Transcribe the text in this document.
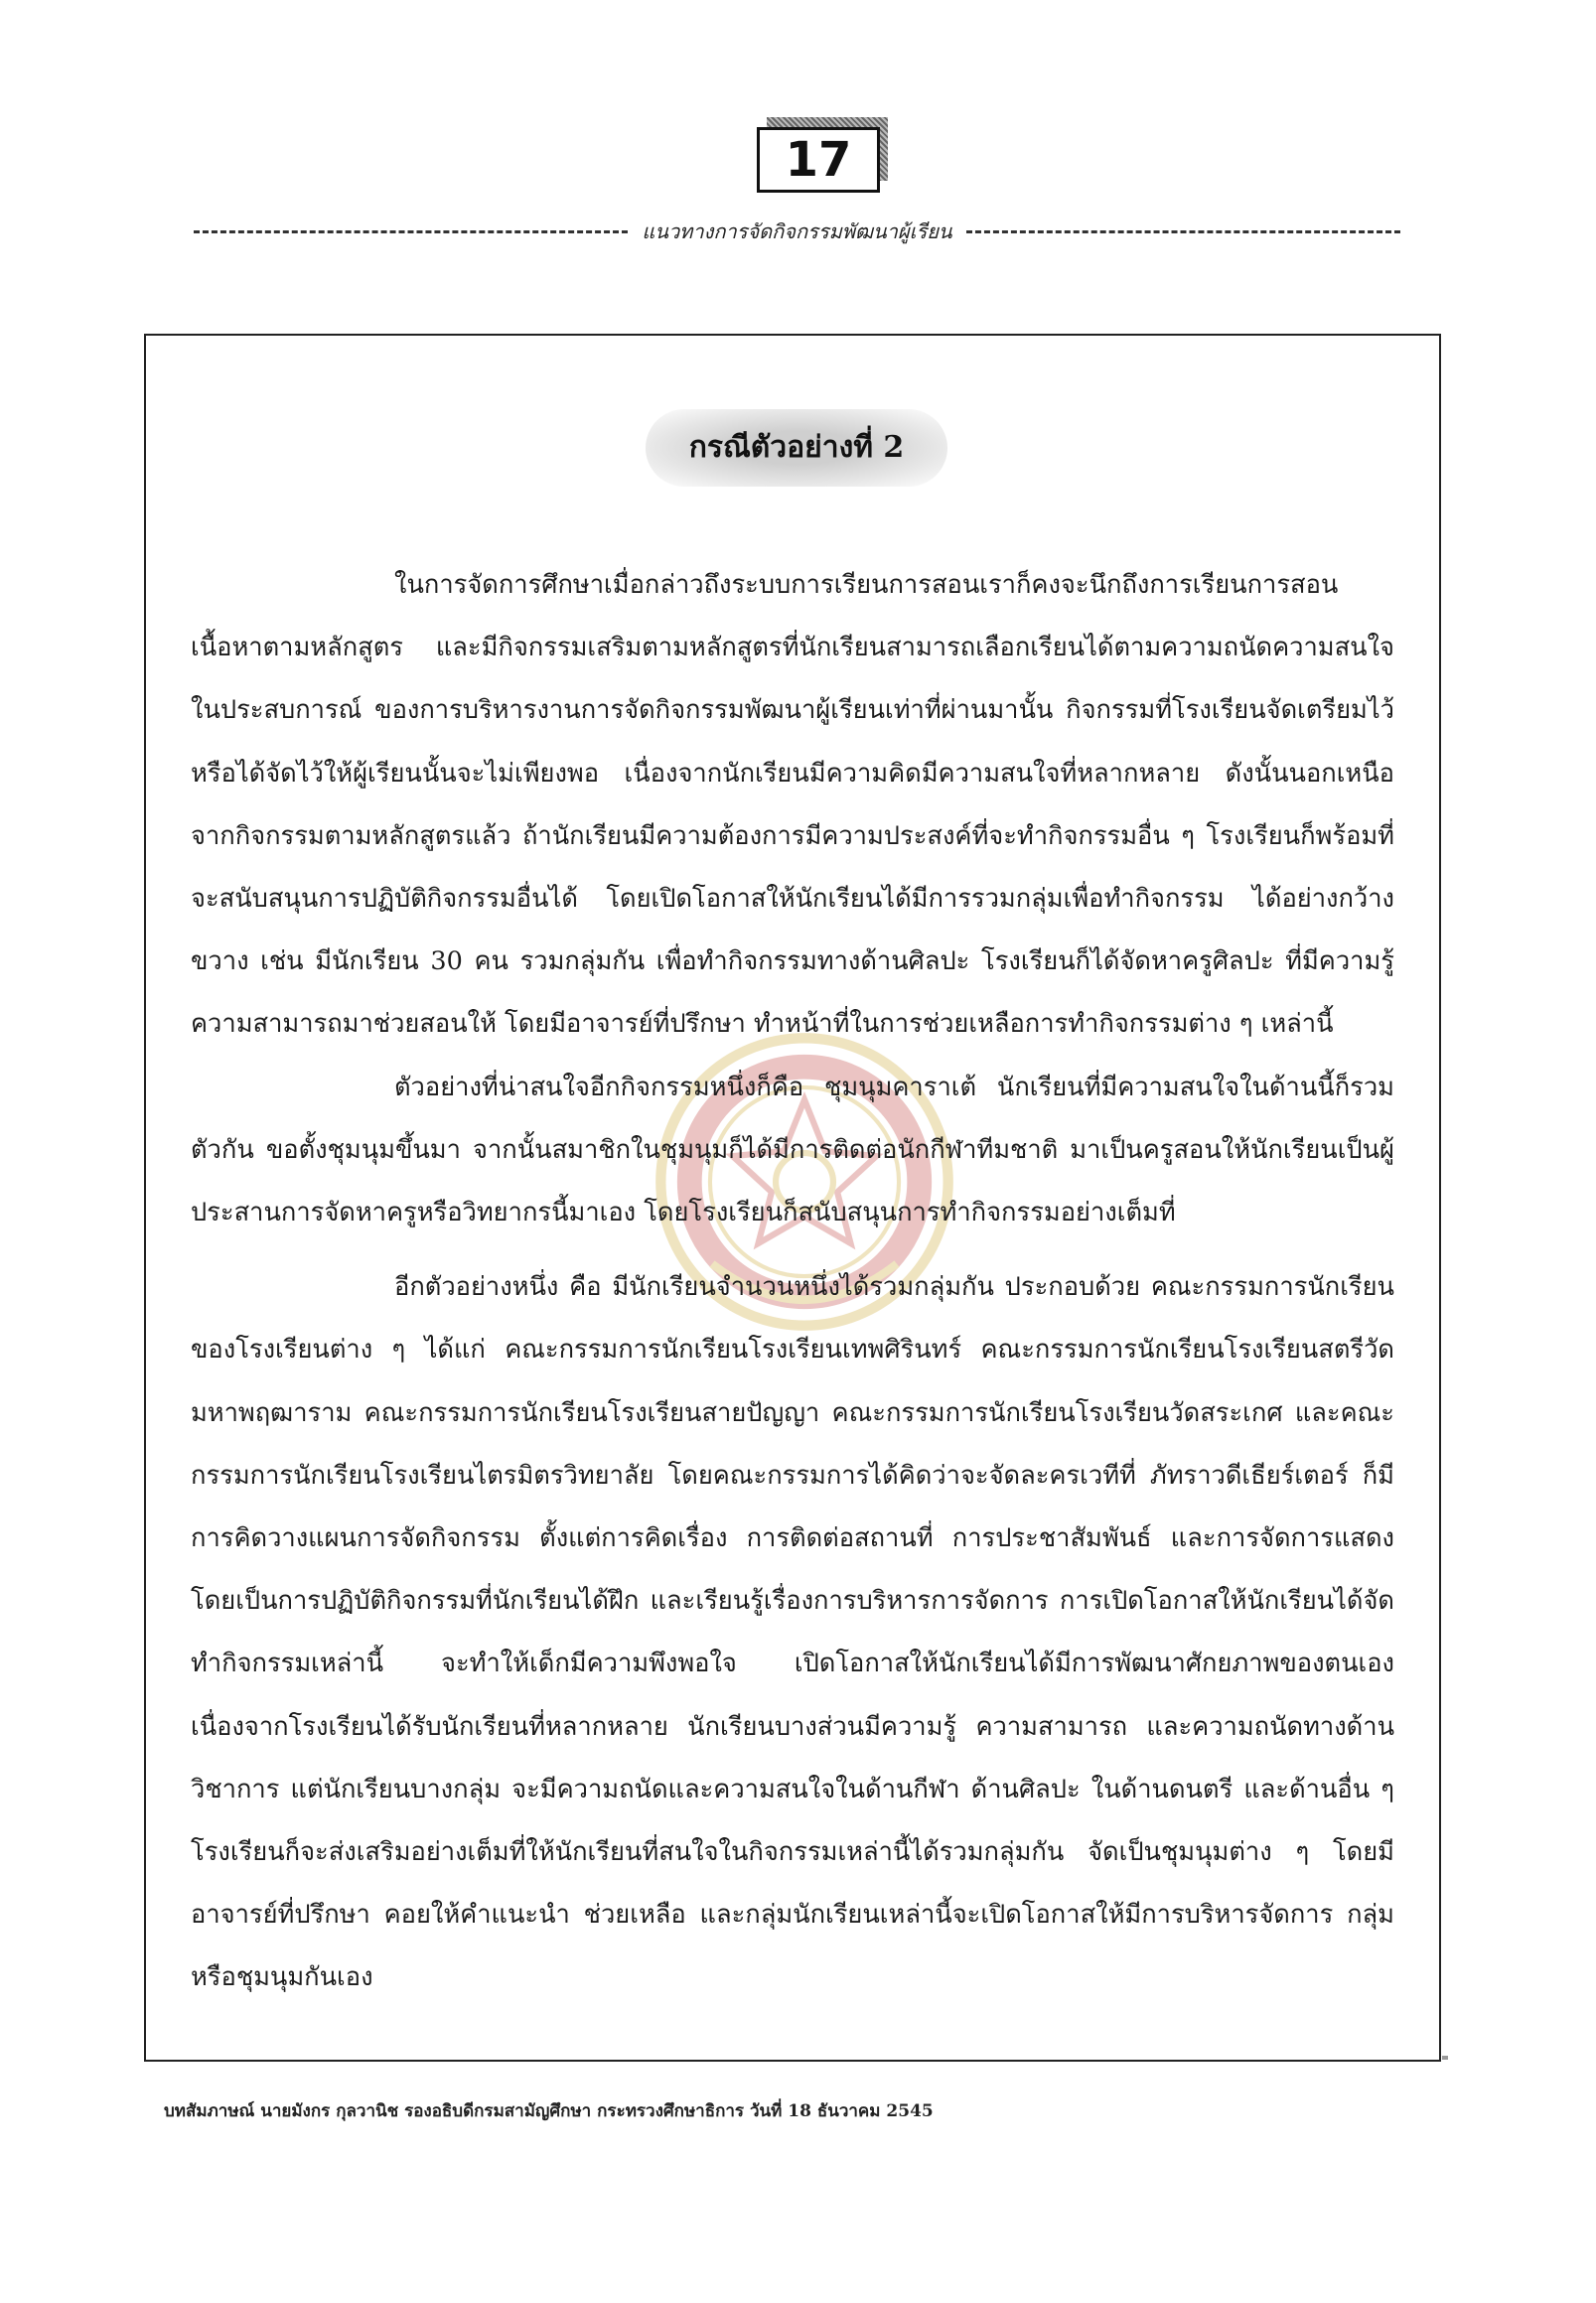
17
แนวทางการจัดกิจกรรมพัฒนาผู้เรียน
กรณีตัวอย่างที่ 2

ในการจัดการศึกษาเมื่อกล่าวถึงระบบการเรียนการสอนเราก็คงจะนึกถึงการเรียนการสอนเนื้อหาตามหลักสูตร และมีกิจกรรมเสริมตามหลักสูตรที่นักเรียนสามารถเลือกเรียนได้ตามความถนัดความสนใจ ในประสบการณ์ ของการบริหารงานการจัดกิจกรรมพัฒนาผู้เรียนเท่าที่ผ่านมานั้น กิจกรรมที่โรงเรียนจัดเตรียมไว้ หรือได้จัดไว้ให้ผู้เรียนนั้นจะไม่เพียงพอ เนื่องจากนักเรียนมีความคิดมีความสนใจที่หลากหลาย ดังนั้นนอกเหนือจากกิจกรรมตามหลักสูตรแล้ว ถ้านักเรียนมีความต้องการมีความประสงค์ที่จะทำกิจกรรมอื่น ๆ โรงเรียนก็พร้อมที่จะสนับสนุนการปฏิบัติกิจกรรมอื่นได้ โดยเปิดโอกาสให้นักเรียนได้มีการรวมกลุ่มเพื่อทำกิจกรรม ได้อย่างกว้างขวาง เช่น มีนักเรียน 30 คน รวมกลุ่มกัน เพื่อทำกิจกรรมทางด้านศิลปะ โรงเรียนก็ได้จัดหาครูศิลปะ ที่มีความรู้ความสามารถมาช่วยสอนให้ โดยมีอาจารย์ที่ปรึกษา ทำหน้าที่ในการช่วยเหลือการทำกิจกรรมต่าง ๆ เหล่านี้

ตัวอย่างที่น่าสนใจอีกกิจกรรมหนึ่งก็คือ ชุมนุมคาราเต้ นักเรียนที่มีความสนใจในด้านนี้ก็รวมตัวกัน ขอตั้งชุมนุมขึ้นมา จากนั้นสมาชิกในชุมนุมก็ได้มีการติดต่อนักกีฬาทีมชาติ มาเป็นครูสอนให้นักเรียนเป็นผู้ประสานการจัดหาครูหรือวิทยากรนี้มาเอง โดยโรงเรียนก็สนับสนุนการทำกิจกรรมอย่างเต็มที่

อีกตัวอย่างหนึ่ง คือ มีนักเรียนจำนวนหนึ่งได้รวมกลุ่มกัน ประกอบด้วย คณะกรรมการนักเรียนของโรงเรียนต่าง ๆ ได้แก่ คณะกรรมการนักเรียนโรงเรียนเทพศิรินทร์ คณะกรรมการนักเรียนโรงเรียนสตรีวัดมหาพฤฒาราม คณะกรรมการนักเรียนโรงเรียนสายปัญญา คณะกรรมการนักเรียนโรงเรียนวัดสระเกศ และคณะกรรมการนักเรียนโรงเรียนไตรมิตรวิทยาลัย โดยคณะกรรมการได้คิดว่าจะจัดละครเวทีที่ ภัทราวดีเธียร์เตอร์ ก็มีการคิดวางแผนการจัดกิจกรรม ตั้งแต่การคิดเรื่อง การติดต่อสถานที่ การประชาสัมพันธ์ และการจัดการแสดง โดยเป็นการปฏิบัติกิจกรรมที่นักเรียนได้ฝึก และเรียนรู้เรื่องการบริหารการจัดการ การเปิดโอกาสให้นักเรียนได้จัดทำกิจกรรมเหล่านี้ จะทำให้เด็กมีความพึงพอใจ เปิดโอกาสให้นักเรียนได้มีการพัฒนาศักยภาพของตนเอง เนื่องจากโรงเรียนได้รับนักเรียนที่หลากหลาย นักเรียนบางส่วนมีความรู้ ความสามารถ และความถนัดทางด้านวิชาการ แต่นักเรียนบางกลุ่ม จะมีความถนัดและความสนใจในด้านกีฬา ด้านศิลปะ ในด้านดนตรี และด้านอื่น ๆ โรงเรียนก็จะส่งเสริมอย่างเต็มที่ให้นักเรียนที่สนใจในกิจกรรมเหล่านี้ได้รวมกลุ่มกัน จัดเป็นชุมนุมต่าง ๆ โดยมีอาจารย์ที่ปรึกษา คอยให้คำแนะนำ ช่วยเหลือ และกลุ่มนักเรียนเหล่านี้จะเปิดโอกาสให้มีการบริหารจัดการ กลุ่มหรือชุมนุมกันเอง

บทสัมภาษณ์ นายมังกร กุลวานิช รองอธิบดีกรมสามัญศึกษา กระทรวงศึกษาธิการ วันที่ 18 ธันวาคม 2545
